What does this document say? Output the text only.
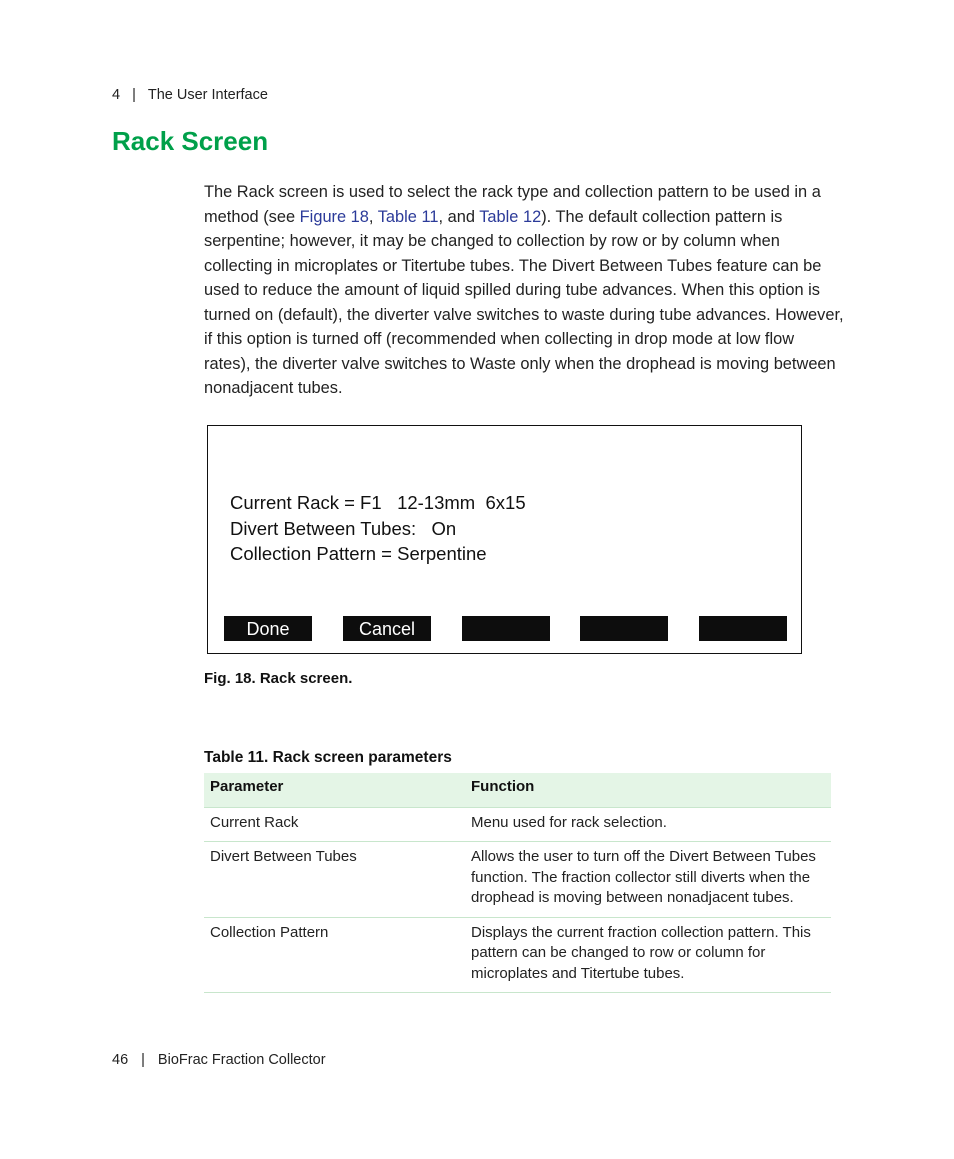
4 | The User Interface
Rack Screen

The Rack screen is used to select the rack type and collection pattern to be used in a method (see Figure 18, Table 11, and Table 12). The default collection pattern is serpentine; however, it may be changed to collection by row or by column when collecting in microplates or Titertube tubes. The Divert Between Tubes feature can be used to reduce the amount of liquid spilled during tube advances. When this option is turned on (default), the diverter valve switches to waste during tube advances. However, if this option is turned off (recommended when collecting in drop mode at low flow rates), the diverter valve switches to Waste only when the drophead is moving between nonadjacent tubes.

Current Rack = F1   12-13mm  6x15
Divert Between Tubes:   On
Collection Pattern = Serpentine
Done	Cancel
Fig. 18. Rack screen.
Table 11. Rack screen parameters
Parameter	Function
Current Rack	Menu used for rack selection.
Divert Between Tubes	Allows the user to turn off the Divert Between Tubes function. The fraction collector still diverts when the drophead is moving between nonadjacent tubes.
Collection Pattern	Displays the current fraction collection pattern. This pattern can be changed to row or column for microplates and Titertube tubes.
46 | BioFrac Fraction Collector
